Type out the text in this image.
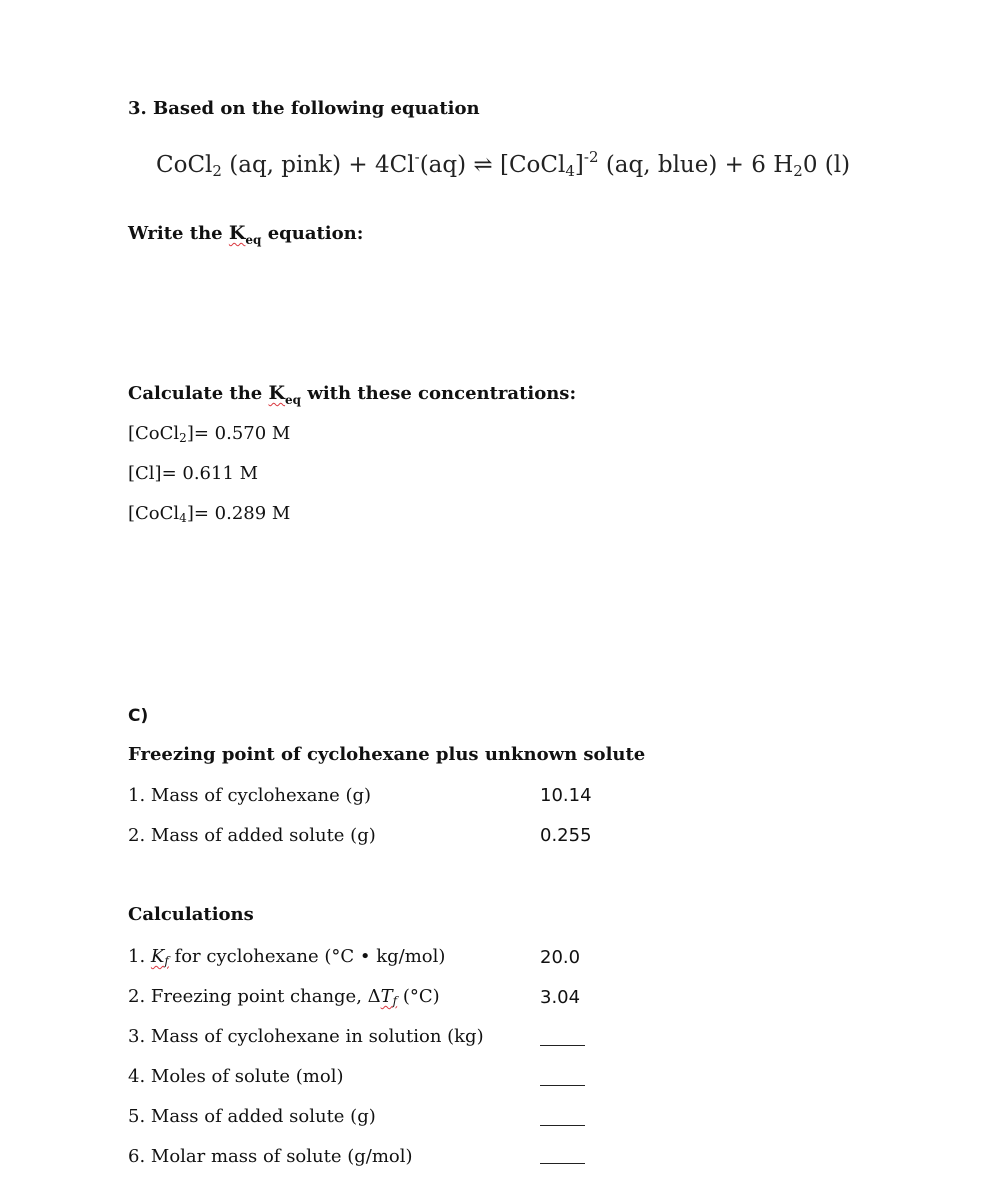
3. Based on the following equation
CoCl$_2$ (aq, pink) + 4Cl-(aq) ⇌ [CoCl$_4$]$^{-2}$ (aq, blue) + 6 $H_20$ (l)
Write the $K_{eq}$ equation:
Calculate the $K_{eq}$ with these concentrations:
[CoCl$_2$]= 0.570 M
[Cl]= 0.611 M
[CoCl$_4$]= 0.289 M
C)
Freezing point of cyclohexane plus unknown solute
1. Mass of cyclohexane (g)	10.14
2. Mass of added solute (g)	0.255
Calculations
1. $K_f$ for cyclohexane (°C • kg/mol)	20.0
2. Freezing point change, $\Delta T_f$ (°C)	3.04
3. Mass of cyclohexane in solution (kg)
4. Moles of solute (mol)
5. Mass of added solute (g)
6. Molar mass of solute (g/mol)
